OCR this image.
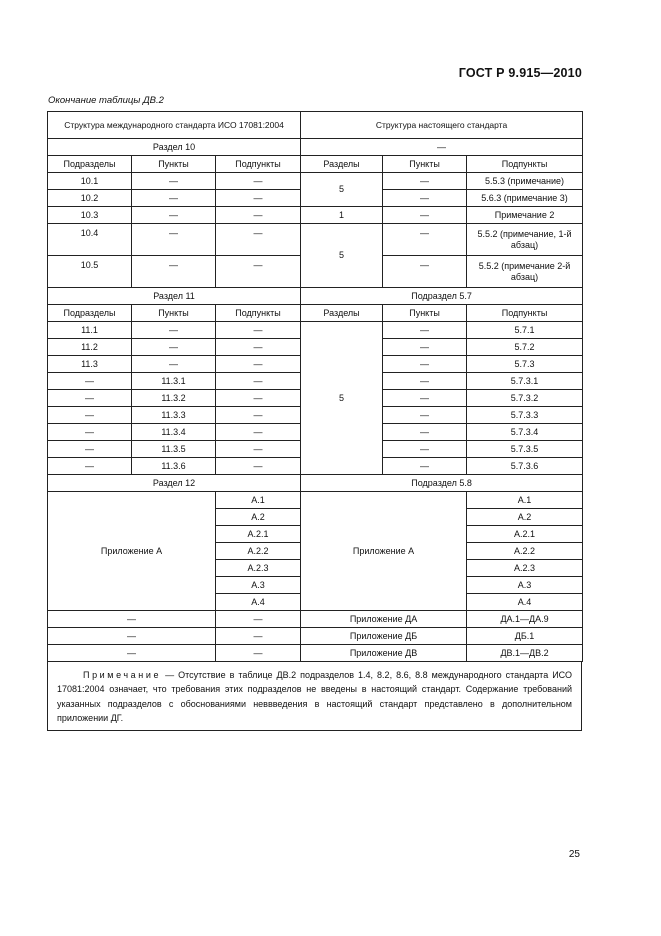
ГОСТ Р 9.915—2010
Окончание таблицы ДВ.2
Структура международного стандарта ИСО 17081:2004			Структура настоящего стандарта		
Раздел 10			—		
Подразделы	Пункты	Подпункты	Разделы	Пункты	Подпункты
10.1	—	—	5	—	5.5.3 (примечание)
10.2	—	—		—	5.6.3 (примечание 3)
10.3	—	—	1	—	Примечание 2
10.4	—	—	5	—	5.5.2 (примечание, 1-й абзац)
10.5	—	—		—	5.5.2 (примечание 2-й абзац)
Раздел 11			Подраздел 5.7		
Подразделы	Пункты	Подпункты	Разделы	Пункты	Подпункты
11.1	—	—	5	—	5.7.1
11.2	—	—		—	5.7.2
11.3	—	—		—	5.7.3
—	11.3.1	—		—	5.7.3.1
—	11.3.2	—		—	5.7.3.2
—	11.3.3	—		—	5.7.3.3
—	11.3.4	—		—	5.7.3.4
—	11.3.5	—		—	5.7.3.5
—	11.3.6	—		—	5.7.3.6
Раздел 12			Подраздел 5.8		
Приложение А		А.1	Приложение А		А.1
		А.2			А.2
		А.2.1			А.2.1
		А.2.2			А.2.2
		А.2.3			А.2.3
		А.3			А.3
		А.4			А.4
—		—	Приложение ДА		ДА.1—ДА.9
—		—	Приложение ДБ		ДБ.1
—		—	Приложение ДВ		ДВ.1—ДВ.2
Примечание — Отсутствие в таблице ДВ.2 подразделов 1.4, 8.2, 8.6, 8.8 международного стандарта ИСО 17081:2004 означает, что требования этих подразделов не введены в настоящий стандарт. Содержание требований указанных подразделов с обоснованиями неввведения в настоящий стандарт представлено в дополнительном приложении ДГ.
25
